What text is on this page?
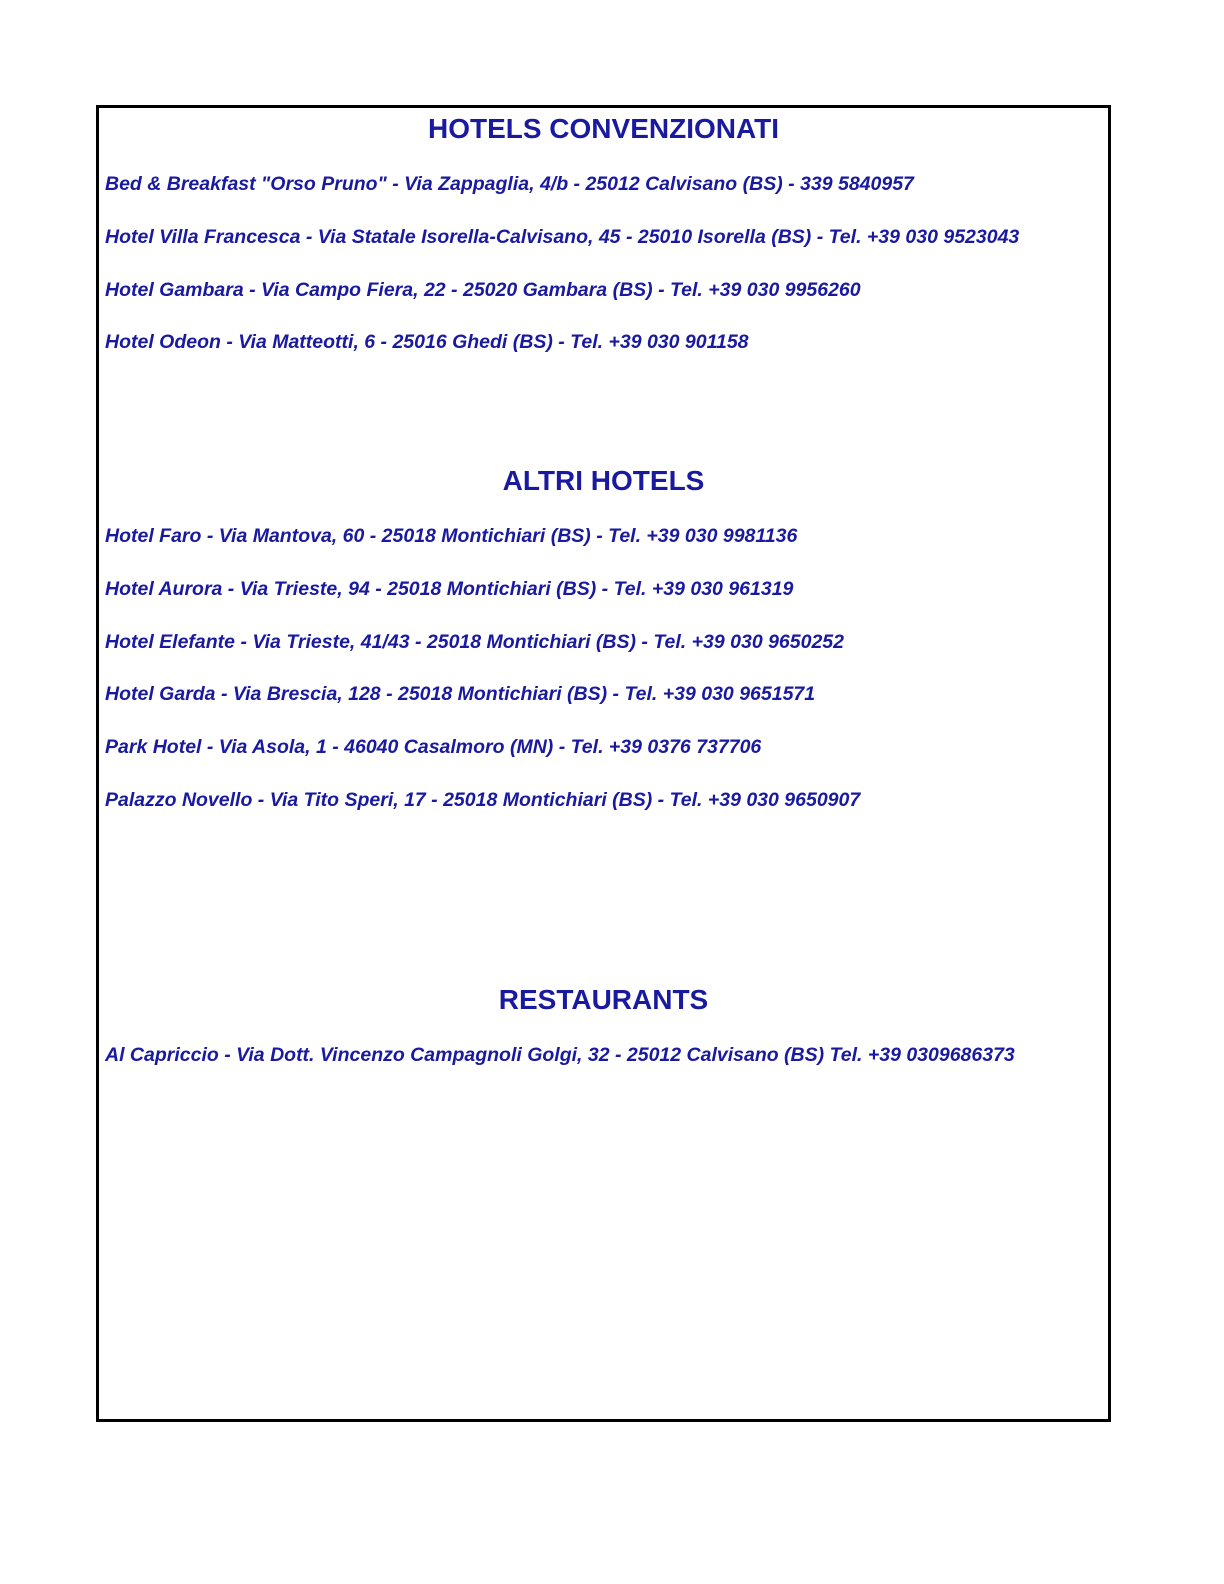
HOTELS CONVENZIONATI
Bed & Breakfast "Orso Pruno" - Via Zappaglia, 4/b - 25012 Calvisano (BS) - 339 5840957
Hotel Villa Francesca - Via Statale Isorella-Calvisano, 45 - 25010 Isorella (BS) - Tel. +39 030 9523043
Hotel Gambara - Via Campo Fiera, 22 - 25020 Gambara (BS) - Tel. +39 030 9956260
Hotel Odeon - Via Matteotti, 6 - 25016 Ghedi (BS) - Tel. +39 030 901158
ALTRI HOTELS
Hotel Faro - Via Mantova, 60 - 25018 Montichiari (BS) - Tel. +39 030 9981136
Hotel Aurora - Via Trieste, 94 - 25018 Montichiari (BS) - Tel. +39 030 961319
Hotel Elefante - Via Trieste, 41/43 - 25018 Montichiari (BS) - Tel. +39 030 9650252
Hotel Garda - Via Brescia, 128 - 25018 Montichiari (BS) - Tel. +39 030 9651571
Park Hotel - Via Asola, 1 - 46040 Casalmoro (MN) - Tel. +39 0376 737706
Palazzo Novello - Via Tito Speri, 17 - 25018 Montichiari (BS) - Tel. +39 030 9650907
RESTAURANTS
Al Capriccio - Via Dott. Vincenzo Campagnoli Golgi, 32 - 25012 Calvisano (BS) Tel. +39 0309686373
